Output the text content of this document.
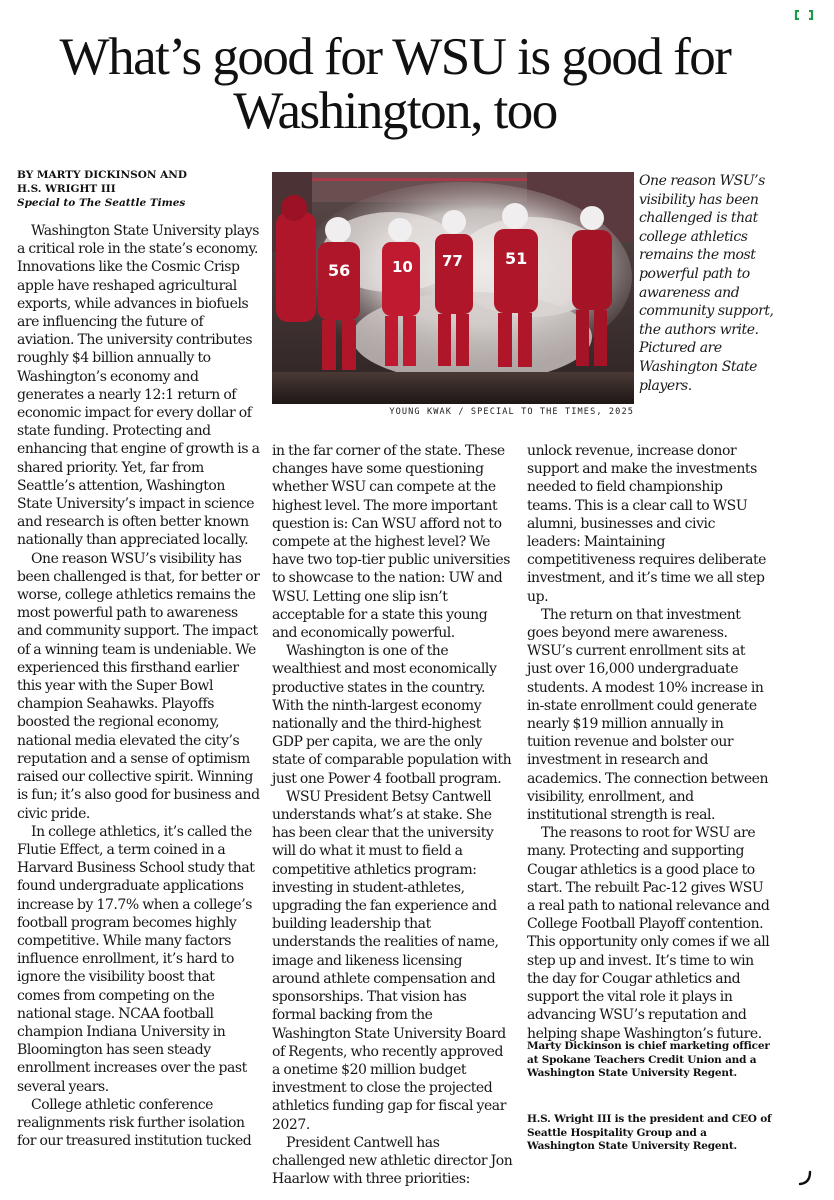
What’s good for WSU is good for Washington, too
BY MARTY DICKINSON AND
H.S. WRIGHT III
Special to The Seattle Times
56	10 77	51
YOUNG KWAK / SPECIAL TO THE TIMES, 2025
One reason WSU’s visibility has been challenged is that college athletics remains the most powerful path to awareness and community support, the authors write. Pictured are Washington State players.

Washington State University plays a critical role in the state’s economy. Innovations like the Cosmic Crisp apple have reshaped agricultural exports, while advances in biofuels are influencing the future of aviation. The university contributes roughly $4 billion annually to Washington’s economy and generates a nearly 12:1 return of economic impact for every dollar of state funding. Protecting and enhancing that engine of growth is a shared priority. Yet, far from Seattle’s attention, Washington State University’s impact in science and research is often better known nationally than appreciated locally.

One reason WSU’s visibility has been challenged is that, for better or worse, college athletics remains the most powerful path to awareness and community support. The impact of a winning team is undeniable. We experienced this firsthand earlier this year with the Super Bowl champion Seahawks. Playoffs boosted the regional economy, national media elevated the city’s reputation and a sense of optimism raised our collective spirit. Winning is fun; it’s also good for business and civic pride.

In college athletics, it’s called the Flutie Effect, a term coined in a Harvard Business School study that found undergraduate applications increase by 17.7% when a college’s football program becomes highly competitive. While many factors influence enrollment, it’s hard to ignore the visibility boost that comes from competing on the national stage. NCAA football champion Indiana University in Bloomington has seen steady enrollment increases over the past several years.

College athletic conference realignments risk further isolation for our treasured institution tucked

in the far corner of the state. These changes have some questioning whether WSU can compete at the highest level. The more important question is: Can WSU afford not to compete at the highest level? We have two top-tier public universities to showcase to the nation: UW and WSU. Letting one slip isn’t acceptable for a state this young and economically powerful.

Washington is one of the wealthiest and most economically productive states in the country. With the ninth-largest economy nationally and the third-highest GDP per capita, we are the only state of comparable population with just one Power 4 football program.

WSU President Betsy Cantwell understands what’s at stake. She has been clear that the university will do what it must to field a competitive athletics program: investing in student-athletes, upgrading the fan experience and building leadership that understands the realities of name, image and likeness licensing around athlete compensation and sponsorships. That vision has formal backing from the Washington State University Board of Regents, who recently approved a onetime $20 million budget investment to close the projected athletics funding gap for fiscal year 2027.

President Cantwell has challenged new athletic director Jon Haarlow with three priorities:

unlock revenue, increase donor support and make the investments needed to field championship teams. This is a clear call to WSU alumni, businesses and civic leaders: Maintaining competitiveness requires deliberate investment, and it’s time we all step up.

The return on that investment goes beyond mere awareness. WSU’s current enrollment sits at just over 16,000 undergraduate students. A modest 10% increase in in-state enrollment could generate nearly $19 million annually in tuition revenue and bolster our investment in research and academics. The connection between visibility, enrollment, and institutional strength is real.

The reasons to root for WSU are many. Protecting and supporting Cougar athletics is a good place to start. The rebuilt Pac-12 gives WSU a real path to national relevance and College Football Playoff contention. This opportunity only comes if we all step up and invest. It’s time to win the day for Cougar athletics and support the vital role it plays in advancing WSU’s reputation and helping shape Washington’s future.

Marty Dickinson is chief marketing officer at Spokane Teachers Credit Union and a Washington State University Regent.
H.S. Wright III is the president and CEO of Seattle Hospitality Group and a Washington State University Regent.
